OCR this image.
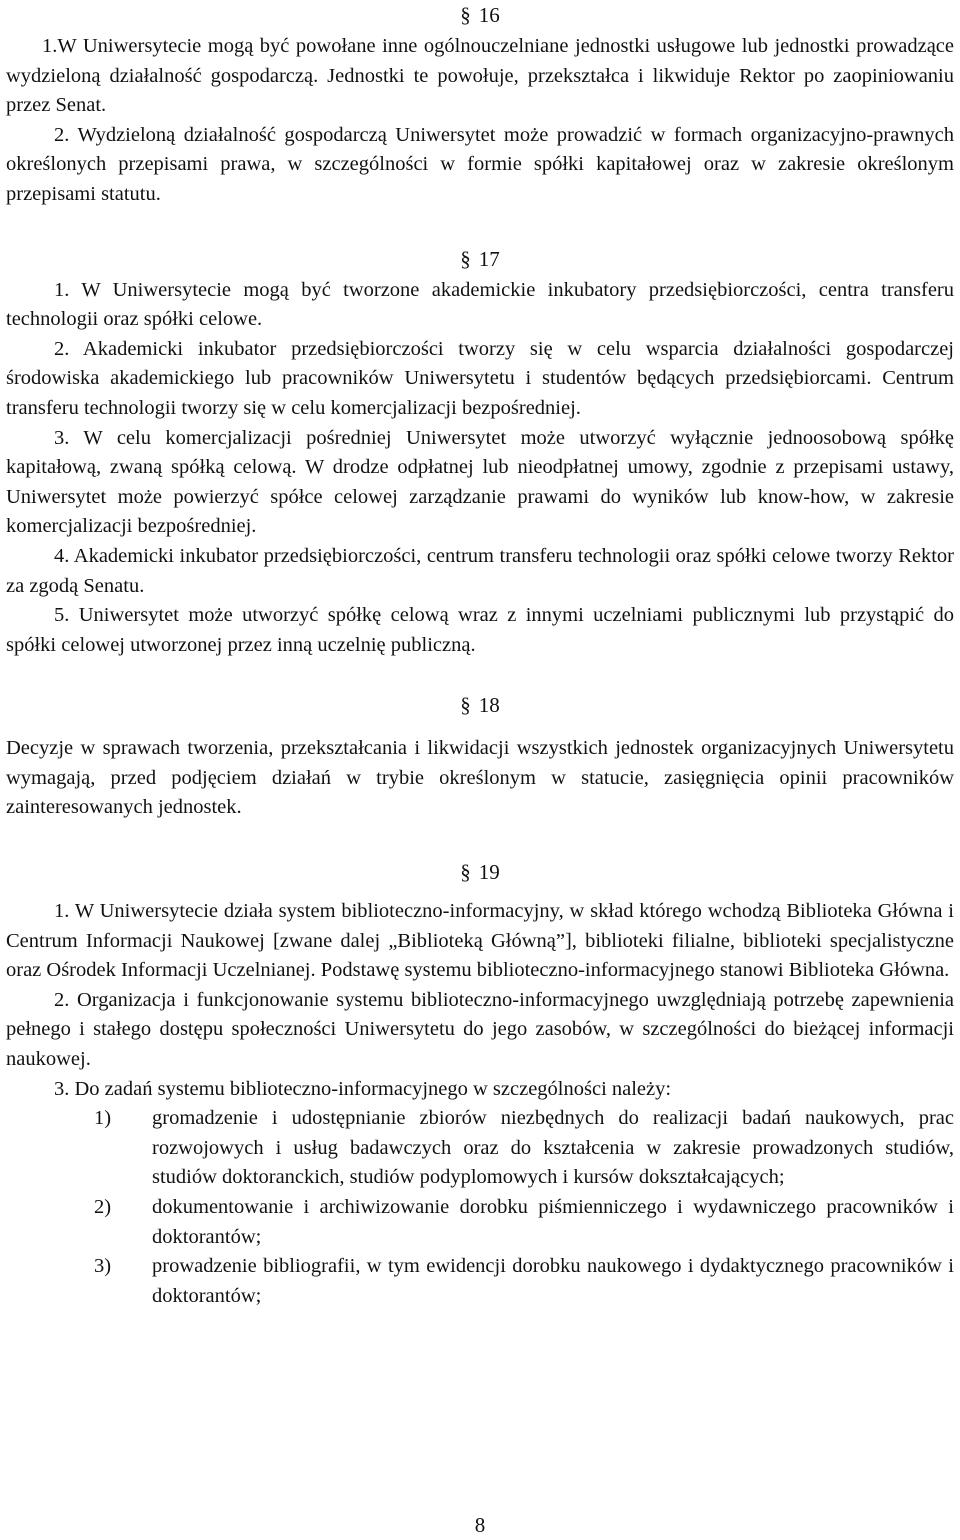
§ 16

1.W Uniwersytecie mogą być powołane inne ogólnouczelniane jednostki usługowe lub jednostki prowadzące wydzieloną działalność gospodarczą. Jednostki te powołuje, przekształca i likwiduje Rektor po zaopiniowaniu przez Senat.

2. Wydzieloną działalność gospodarczą Uniwersytet może prowadzić w formach organizacyjno-prawnych określonych przepisami prawa, w szczególności w formie spółki kapitałowej oraz w zakresie określonym przepisami statutu.

§ 17

1. W Uniwersytecie mogą być tworzone akademickie inkubatory przedsiębiorczości, centra transferu technologii oraz spółki celowe.

2. Akademicki inkubator przedsiębiorczości tworzy się w celu wsparcia działalności gospodarczej środowiska akademickiego lub pracowników Uniwersytetu i studentów będących przedsiębiorcami. Centrum transferu technologii tworzy się w celu komercjalizacji bezpośredniej.

3. W celu komercjalizacji pośredniej Uniwersytet może utworzyć wyłącznie jednoosobową spółkę kapitałową, zwaną spółką celową. W drodze odpłatnej lub nieodpłatnej umowy, zgodnie z przepisami ustawy, Uniwersytet może powierzyć spółce celowej zarządzanie prawami do wyników lub know-how, w zakresie komercjalizacji bezpośredniej.

4. Akademicki inkubator przedsiębiorczości, centrum transferu technologii oraz spółki celowe tworzy Rektor za zgodą Senatu.

5. Uniwersytet może utworzyć spółkę celową wraz z innymi uczelniami publicznymi lub przystąpić do spółki celowej utworzonej przez inną uczelnię publiczną.

§ 18

Decyzje w sprawach tworzenia, przekształcania i likwidacji wszystkich jednostek organizacyjnych Uniwersytetu wymagają, przed podjęciem działań w trybie określonym w statucie, zasięgnięcia opinii pracowników zainteresowanych jednostek.

§ 19

1. W Uniwersytecie działa system biblioteczno-informacyjny, w skład którego wchodzą Biblioteka Główna i Centrum Informacji Naukowej [zwane dalej „Biblioteką Główną”], biblioteki filialne, biblioteki specjalistyczne oraz Ośrodek Informacji Uczelnianej. Podstawę systemu biblioteczno-informacyjnego stanowi Biblioteka Główna.

2. Organizacja i funkcjonowanie systemu biblioteczno-informacyjnego uwzględniają potrzebę zapewnienia pełnego i stałego dostępu społeczności Uniwersytetu do jego zasobów, w szczególności do bieżącej informacji naukowej.

3. Do zadań systemu biblioteczno-informacyjnego w szczególności należy:

1) gromadzenie i udostępnianie zbiorów niezbędnych do realizacji badań naukowych, prac rozwojowych i usług badawczych oraz do kształcenia w zakresie prowadzonych studiów, studiów doktoranckich, studiów podyplomowych i kursów dokształcających;
2) dokumentowanie i archiwizowanie dorobku piśmienniczego i wydawniczego pracowników i doktorantów;
3) prowadzenie bibliografii, w tym ewidencji dorobku naukowego i dydaktycznego pracowników i doktorantów;
8
